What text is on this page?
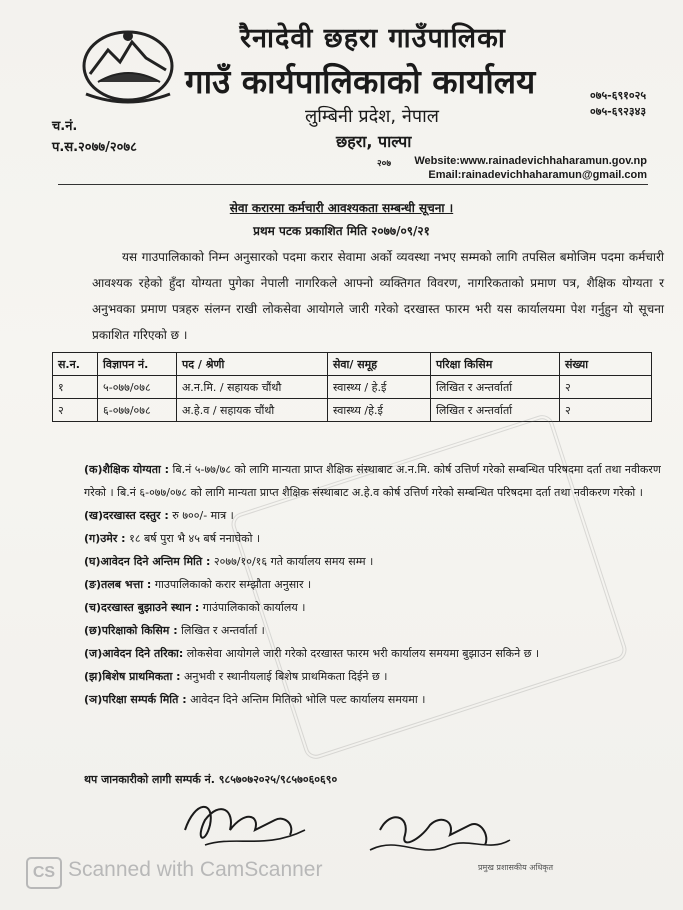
रैनादेवी छहरा गाउँपालिका
गाउँ कार्यपालिकाको कार्यालय
लुम्बिनी प्रदेश, नेपाल
छहरा, पाल्पा
०७५-६९१०२५
०७५-६९२३४३
च.नं.
प.स.२०७७/२०७८
२०७ Website:www.rainadevichhaharamun.gov.np
Email:rainadevichhaharamun@gmail.com
सेवा करारमा कर्मचारी आवश्यकता सम्बन्धी सूचना ।
प्रथम पटक प्रकाशित मिति २०७७/०९/२१

यस गाउपालिकाको निम्न अनुसारको पदमा करार सेवामा अर्को व्यवस्था नभए सम्मको लागि तपसिल बमोजिम पदमा कर्मचारी आवश्यक रहेको हुँदा योग्यता पुगेका नेपाली नागरिकले आफ्नो व्यक्तिगत विवरण, नागरिकताको प्रमाण पत्र, शैक्षिक योग्यता र अनुभवका प्रमाण पत्रहरु संलग्न राखी लोकसेवा आयोगले जारी गरेको दरखास्त फारम भरी यस कार्यालयमा पेश गर्नुहुन यो सूचना प्रकाशित गरिएको छ ।

स.न.	विज्ञापन नं.	पद / श्रेणी	सेवा/ समूह	परिक्षा किसिम	संख्या
१	५-०७७/०७८	अ.न.मि. / सहायक चौंथौ	स्वास्थ्य / हे.ई	लिखित र अन्तर्वार्ता	२
२	६-०७७/०७८	अ.हे.व / सहायक चौंथौ	स्वास्थ्य /हे.ई	लिखित र अन्तर्वार्ता	२

(क)शैक्षिक योग्यता : बि.नं ५-७७/७८ को लागि मान्यता प्राप्त शैक्षिक संस्थाबाट अ.न.मि. कोर्ष उत्तिर्ण गरेको सम्बन्धित परिषदमा दर्ता तथा नवीकरण गरेको । बि.नं ६-०७७/०७८ को लागि मान्यता प्राप्त शैक्षिक संस्थाबाट अ.हे.व कोर्ष उत्तिर्ण गरेको सम्बन्धित परिषदमा दर्ता तथा नवीकरण गरेको ।

(ख)दरखास्त दस्तुर : रु ७००/- मात्र ।

(ग)उमेर : १८ बर्ष पुरा भै ४५ बर्ष ननाघेको ।

(घ)आवेदन दिने अन्तिम मिति : २०७७/१०/१६ गते कार्यालय समय सम्म ।

(ङ)तलब भत्ता : गाउपालिकाको करार सम्झौता अनुसार ।

(च)दरखास्त बुझाउने स्थान : गाउंपालिकाको कार्यालय ।

(छ)परिक्षाको किसिम : लिखित र अन्तर्वार्ता ।

(ज)आवेदन दिने तरिका: लोकसेवा आयोगले जारी गरेको दरखास्त फारम भरी कार्यालय समयमा बुझाउन सकिने छ ।

(झ)बिशेष प्राथमिकता : अनुभवी र स्थानीयलाई बिशेष प्राथमिकता दिईने छ ।

(ञ)परिक्षा सम्पर्क मिति : आवेदन दिने अन्तिम मितिको भोलि पल्ट कार्यालय समयमा ।

थप जानकारीको लागी सम्पर्क नं. ९८५७०७२०२५/९८५७०६०६९०
प्रमुख प्रशासकीय अधिकृत
CS Scanned with CamScanner
